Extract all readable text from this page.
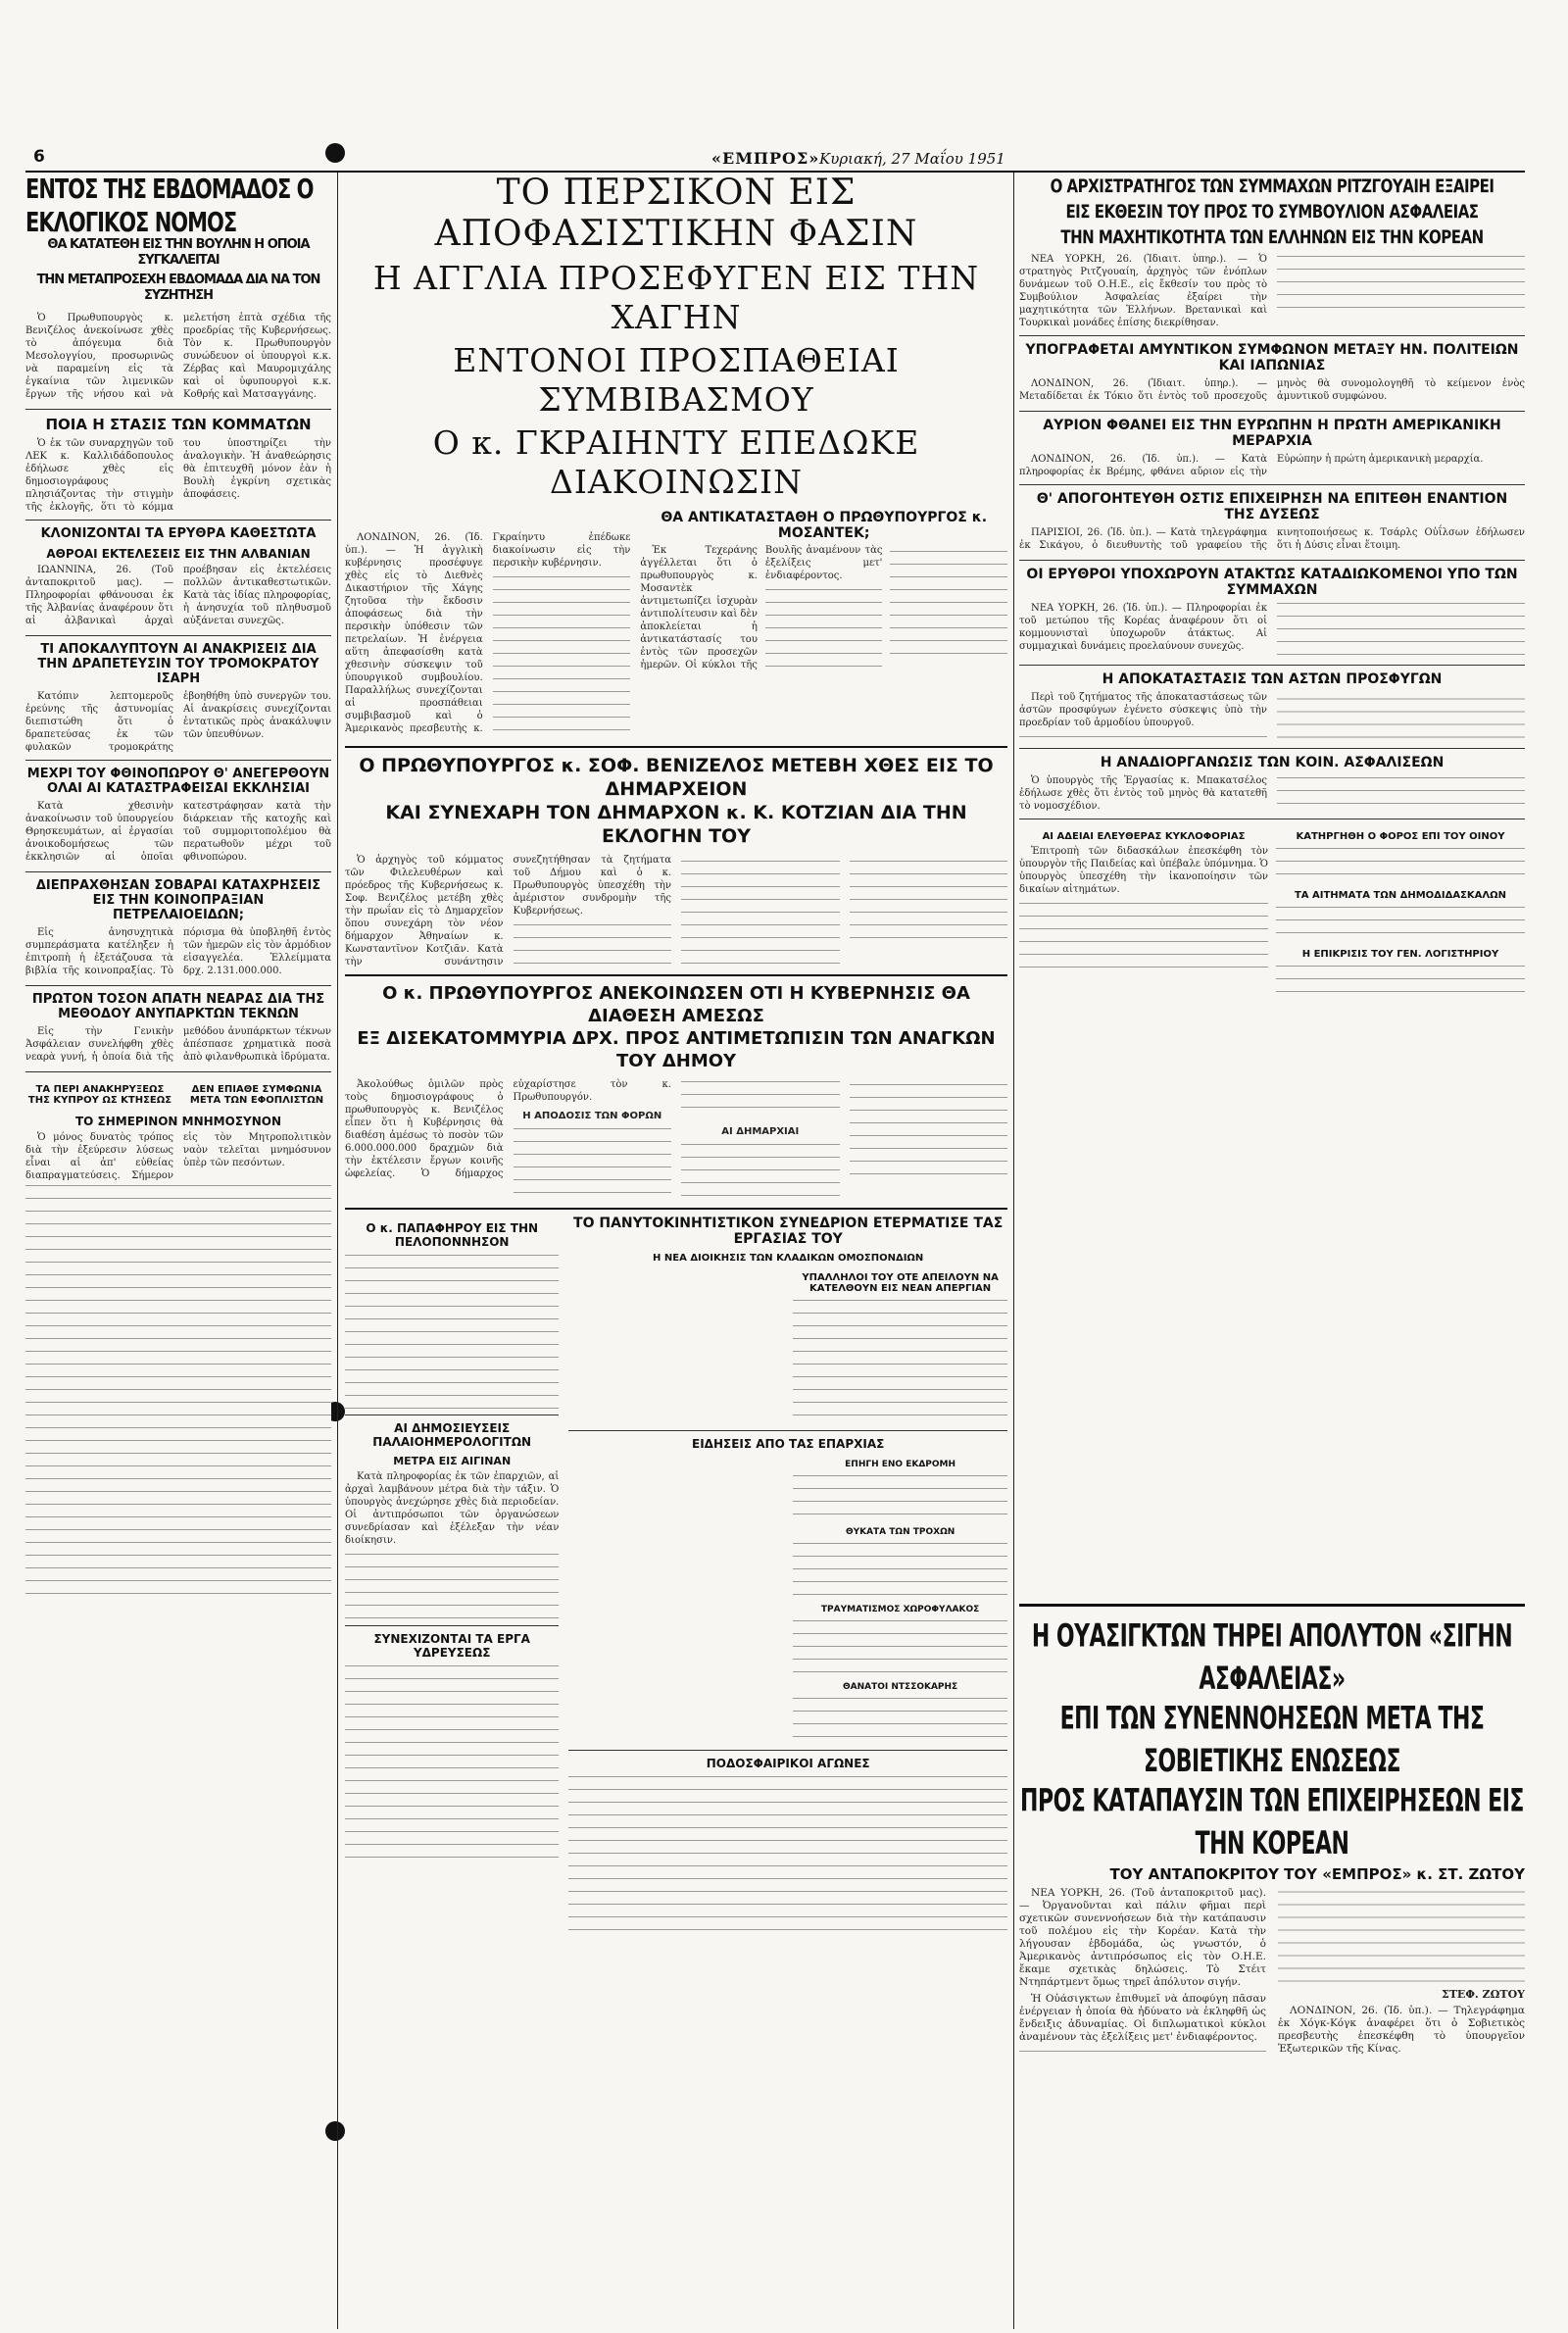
6	«ΕΜΠΡΟΣ» Κυριακή, 27 Μαΐου 1951
ΕΝΤΟΣ ΤΗΣ ΕΒΔΟΜΑΔΟΣ Ο ΕΚΛΟΓΙΚΟΣ ΝΟΜΟΣ
ΘΑ ΚΑΤΑΤΕΘΗ ΕΙΣ ΤΗΝ ΒΟΥΛΗΝ Η ΟΠΟΙΑ ΣΥΓΚΑΛΕΙΤΑΙ
ΤΗΝ ΜΕΤΑΠΡΟΣΕΧΗ ΕΒΔΟΜΑΔΑ ΔΙΑ ΝΑ ΤΟΝ ΣΥΖΗΤΗΣΗ

Ὁ Πρωθυπουργὸς κ. Βενιζέλος ἀνεκοίνωσε χθὲς τὸ ἀπόγευμα διὰ Μεσολογγίου, προσωρινῶς νὰ παραμείνη εἰς τὰ ἐγκαίνια τῶν λιμενικῶν ἔργων τῆς νήσου καὶ νὰ μελετήση ἑπτὰ σχέδια τῆς προεδρίας τῆς Κυβερνήσεως. Τὸν κ. Πρωθυπουργὸν συνώδευον οἱ ὑπουργοὶ κ.κ. Ζέρβας καὶ Μαυρομιχάλης καὶ οἱ ὑφυπουργοὶ κ.κ. Κοθρής καὶ Ματσαγγάνης.

ΠΟΙΑ Η ΣΤΑΣΙΣ ΤΩΝ ΚΟΜΜΑΤΩΝ

Ὁ ἐκ τῶν συναρχηγῶν τοῦ ΛΕΚ κ. Καλλιδάδοπουλος ἐδήλωσε χθὲς εἰς δημοσιογράφους πλησιάζοντας τὴν στιγμὴν τῆς ἐκλογῆς, ὅτι τὸ κόμμα του ὑποστηρίζει τὴν ἀναλογικὴν. Ἡ ἀναθεώρησις θὰ ἐπιτευχθῆ μόνον ἐὰν ἡ Βουλὴ ἐγκρίνη σχετικὰς ἀποφάσεις.

ΚΛΟΝΙΖΟΝΤΑΙ ΤΑ ΕΡΥΘΡΑ ΚΑΘΕΣΤΩΤΑ
ΑΘΡΟΑΙ ΕΚΤΕΛΕΣΕΙΣ ΕΙΣ ΤΗΝ ΑΛΒΑΝΙΑΝ

ΙΩΑΝΝΙΝΑ, 26. (Τοῦ ἀνταποκριτοῦ μας). — Πληροφορίαι φθάνουσαι ἐκ τῆς Ἀλβανίας ἀναφέρουν ὅτι αἱ ἀλβανικαὶ ἀρχαὶ προέβησαν εἰς ἐκτελέσεις πολλῶν ἀντικαθεστωτικῶν. Κατὰ τὰς ἰδίας πληροφορίας, ἡ ἀνησυχία τοῦ πληθυσμοῦ αὐξάνεται συνεχῶς.

ΤΙ ΑΠΟΚΑΛΥΠΤΟΥΝ ΑΙ ΑΝΑΚΡΙΣΕΙΣ ΔΙΑ ΤΗΝ ΔΡΑΠΕΤΕΥΣΙΝ ΤΟΥ ΤΡΟΜΟΚΡΑΤΟΥ ΙΣΑΡΗ

Κατόπιν λεπτομεροῦς ἐρεύνης τῆς ἀστυνομίας διεπιστώθη ὅτι ὁ δραπετεύσας ἐκ τῶν φυλακῶν τρομοκράτης ἐβοηθήθη ὑπὸ συνεργῶν του. Αἱ ἀνακρίσεις συνεχίζονται ἐντατικῶς πρὸς ἀνακάλυψιν τῶν ὑπευθύνων.

ΜΕΧΡΙ ΤΟΥ ΦΘΙΝΟΠΩΡΟΥ Θ' ΑΝΕΓΕΡΘΟΥΝ ΟΛΑΙ ΑΙ ΚΑΤΑΣΤΡΑΦΕΙΣΑΙ ΕΚΚΛΗΣΙΑΙ

Κατὰ χθεσινὴν ἀνακοίνωσιν τοῦ ὑπουργείου Θρησκευμάτων, αἱ ἐργασίαι ἀνοικοδομήσεως τῶν ἐκκλησιῶν αἱ ὁποῖαι κατεστράφησαν κατὰ τὴν διάρκειαν τῆς κατοχῆς καὶ τοῦ συμμοριτοπολέμου θὰ περατωθοῦν μέχρι τοῦ φθινοπώρου.

ΔΙΕΠΡΑΧΘΗΣΑΝ ΣΟΒΑΡΑΙ ΚΑΤΑΧΡΗΣΕΙΣ ΕΙΣ ΤΗΝ ΚΟΙΝΟΠΡΑΞΙΑΝ ΠΕΤΡΕΛΑΙΟΕΙΔΩΝ;

Εἰς ἀνησυχητικὰ συμπεράσματα κατέληξεν ἡ ἐπιτροπὴ ἡ ἐξετάζουσα τὰ βιβλία τῆς κοινοπραξίας. Τὸ πόρισμα θὰ ὑποβληθῆ ἐντὸς τῶν ἡμερῶν εἰς τὸν ἁρμόδιον εἰσαγγελέα. Ἐλλείμματα δρχ. 2.131.000.000.

ΠΡΩΤΟΝ ΤΟΣΟΝ ΑΠΑΤΗ ΝΕΑΡΑΣ ΔΙΑ ΤΗΣ ΜΕΘΟΔΟΥ ΑΝΥΠΑΡΚΤΩΝ ΤΕΚΝΩΝ

Εἰς τὴν Γενικὴν Ἀσφάλειαν συνελήφθη χθὲς νεαρὰ γυνή, ἡ ὁποία διὰ τῆς μεθόδου ἀνυπάρκτων τέκνων ἀπέσπασε χρηματικὰ ποσὰ ἀπὸ φιλανθρωπικὰ ἱδρύματα.

ΤΑ ΠΕΡΙ ΑΝΑΚΗΡΥΞΕΩΣ ΤΗΣ ΚΥΠΡΟΥ ΩΣ ΚΤΗΣΕΩΣ
ΔΕΝ ΕΠΙΑΘΕ ΣΥΜΦΩΝΙΑ ΜΕΤΑ ΤΩΝ ΕΦΟΠΛΙΣΤΩΝ
ΤΟ ΣΗΜΕΡΙΝΟΝ ΜΝΗΜΟΣΥΝΟΝ

Ὁ μόνος δυνατὸς τρόπος διὰ τὴν ἐξεύρεσιν λύσεως εἶναι αἱ ἀπ' εὐθείας διαπραγματεύσεις. Σήμερον εἰς τὸν Μητροπολιτικὸν ναὸν τελεῖται μνημόσυνον ὑπὲρ τῶν πεσόντων.

ΤΟ ΠΕΡΣΙΚΟΝ ΕΙΣ ΑΠΟΦΑΣΙΣΤΙΚΗΝ ΦΑΣΙΝ
Η ΑΓΓΛΙΑ ΠΡΟΣΕΦΥΓΕΝ ΕΙΣ ΤΗΝ ΧΑΓΗΝ
ΕΝΤΟΝΟΙ ΠΡΟΣΠΑΘΕΙΑΙ ΣΥΜΒΙΒΑΣΜΟΥ
Ο κ. ΓΚΡΑΙΗΝΤΥ ΕΠΕΔΩΚΕ ΔΙΑΚΟΙΝΩΣΙΝ

ΛΟΝΔΙΝΟΝ, 26. (Ἰδ. ὑπ.). — Ἡ ἀγγλικὴ κυβέρνησις προσέφυγε χθὲς εἰς τὸ Διεθνὲς Δικαστήριον τῆς Χάγης ζητοῦσα τὴν ἔκδοσιν ἀποφάσεως διὰ τὴν περσικὴν ὑπόθεσιν τῶν πετρελαίων. Ἡ ἐνέργεια αὕτη ἀπεφασίσθη κατὰ χθεσινὴν σύσκεψιν τοῦ ὑπουργικοῦ συμβουλίου. Παραλλήλως συνεχίζονται αἱ προσπάθειαι συμβιβασμοῦ καὶ ὁ Ἀμερικανὸς πρεσβευτὴς κ. Γκραίηντυ ἐπέδωκε διακοίνωσιν εἰς τὴν περσικὴν κυβέρνησιν.

ΘΑ ΑΝΤΙΚΑΤΑΣΤΑΘΗ Ο ΠΡΩΘΥΠΟΥΡΓΟΣ κ. ΜΟΣΑΝΤΕΚ;

Ἐκ Τεχεράνης ἀγγέλλεται ὅτι ὁ πρωθυπουργὸς κ. Μοσαντὲκ ἀντιμετωπίζει ἰσχυρὰν ἀντιπολίτευσιν καὶ δὲν ἀποκλείεται ἡ ἀντικατάστασίς του ἐντὸς τῶν προσεχῶν ἡμερῶν. Οἱ κύκλοι τῆς Βουλῆς ἀναμένουν τὰς ἐξελίξεις μετ' ἐνδιαφέροντος.

Ο ΠΡΩΘΥΠΟΥΡΓΟΣ κ. ΣΟΦ. ΒΕΝΙΖΕΛΟΣ ΜΕΤΕΒΗ ΧΘΕΣ ΕΙΣ ΤΟ ΔΗΜΑΡΧΕΙΟΝ
ΚΑΙ ΣΥΝΕΧΑΡΗ ΤΟΝ ΔΗΜΑΡΧΟΝ κ. Κ. ΚΟΤΖΙΑΝ ΔΙΑ ΤΗΝ ΕΚΛΟΓΗΝ ΤΟΥ

Ὁ ἀρχηγὸς τοῦ κόμματος τῶν Φιλελευθέρων καὶ πρόεδρος τῆς Κυβερνήσεως κ. Σοφ. Βενιζέλος μετέβη χθὲς τὴν πρωΐαν εἰς τὸ Δημαρχεῖον ὅπου συνεχάρη τὸν νέον δήμαρχον Ἀθηναίων κ. Κωνσταντῖνον Κοτζιᾶν. Κατὰ τὴν συνάντησιν συνεζητήθησαν τὰ ζητήματα τοῦ Δήμου καὶ ὁ κ. Πρωθυπουργὸς ὑπεσχέθη τὴν ἀμέριστον συνδρομὴν τῆς Κυβερνήσεως.

Ο κ. ΠΡΩΘΥΠΟΥΡΓΟΣ ΑΝΕΚΟΙΝΩΣΕΝ ΟΤΙ Η ΚΥΒΕΡΝΗΣΙΣ ΘΑ ΔΙΑΘΕΣΗ ΑΜΕΣΩΣ
ΕΞ ΔΙΣΕΚΑΤΟΜΜΥΡΙΑ ΔΡΧ. ΠΡΟΣ ΑΝΤΙΜΕΤΩΠΙΣΙΝ ΤΩΝ ΑΝΑΓΚΩΝ ΤΟΥ ΔΗΜΟΥ

Ἀκολούθως ὁμιλῶν πρὸς τοὺς δημοσιογράφους ὁ πρωθυπουργὸς κ. Βενιζέλος εἶπεν ὅτι ἡ Κυβέρνησις θὰ διαθέση ἀμέσως τὸ ποσὸν τῶν 6.000.000.000 δραχμῶν διὰ τὴν ἐκτέλεσιν ἔργων κοινῆς ὠφελείας. Ὁ δήμαρχος εὐχαρίστησε τὸν κ. Πρωθυπουργόν.

Η ΑΠΟΔΟΣΙΣ ΤΩΝ ΦΟΡΩΝ
ΑΙ ΔΗΜΑΡΧΙΑΙ
Ο κ. ΠΑΠΑΦΗΡΟΥ ΕΙΣ ΤΗΝ ΠΕΛΟΠΟΝΝΗΣΟΝ
ΑΙ ΔΗΜΟΣΙΕΥΣΕΙΣ ΠΑΛΑΙΟΗΜΕΡΟΛΟΓΙΤΩΝ
ΜΕΤΡΑ ΕΙΣ ΑΙΓΙΝΑΝ

Κατὰ πληροφορίας ἐκ τῶν ἐπαρχιῶν, αἱ ἀρχαὶ λαμβάνουν μέτρα διὰ τὴν τάξιν. Ὁ ὑπουργὸς ἀνεχώρησε χθὲς διὰ περιοδείαν. Οἱ ἀντιπρόσωποι τῶν ὀργανώσεων συνεδρίασαν καὶ ἐξέλεξαν τὴν νέαν διοίκησιν.

ΣΥΝΕΧΙΖΟΝΤΑΙ ΤΑ ΕΡΓΑ ΥΔΡΕΥΣΕΩΣ
ΤΟ ΠΑΝΥΤΟΚΙΝΗΤΙΣΤΙΚΟΝ ΣΥΝΕΔΡΙΟΝ ΕΤΕΡΜΑΤΙΣΕ ΤΑΣ ΕΡΓΑΣΙΑΣ ΤΟΥ
Η ΝΕΑ ΔΙΟΙΚΗΣΙΣ ΤΩΝ ΚΛΑΔΙΚΩΝ ΟΜΟΣΠΟΝΔΙΩΝ
ΥΠΑΛΛΗΛΟΙ ΤΟΥ ΟΤΕ ΑΠΕΙΛΟΥΝ ΝΑ ΚΑΤΕΛΘΟΥΝ ΕΙΣ ΝΕΑΝ ΑΠΕΡΓΙΑΝ
ΕΙΔΗΣΕΙΣ ΑΠΟ ΤΑΣ ΕΠΑΡΧΙΑΣ
ΕΠΗΓΗ ΕΝΟ ΕΚΔΡΟΜΗ
ΘΥΚΑΤΑ ΤΩΝ ΤΡΟΧΩΝ
ΤΡΑΥΜΑΤΙΣΜΟΣ ΧΩΡΟΦΥΛΑΚΟΣ
ΘΑΝΑΤΟΙ ΝΤΣΣΟΚΑΡΗΣ
ΠΟΔΟΣΦΑΙΡΙΚΟΙ ΑΓΩΝΕΣ
Ο ΑΡΧΙΣΤΡΑΤΗΓΟΣ ΤΩΝ ΣΥΜΜΑΧΩΝ ΡΙΤΖΓΟΥΑΙΗ ΕΞΑΙΡΕΙ
ΕΙΣ ΕΚΘΕΣΙΝ ΤΟΥ ΠΡΟΣ ΤΟ ΣΥΜΒΟΥΛΙΟΝ ΑΣΦΑΛΕΙΑΣ
ΤΗΝ ΜΑΧΗΤΙΚΟΤΗΤΑ ΤΩΝ ΕΛΛΗΝΩΝ ΕΙΣ ΤΗΝ ΚΟΡΕΑΝ

ΝΕΑ ΥΟΡΚΗ, 26. (Ἰδιαιτ. ὑπηρ.). — Ὁ στρατηγὸς Ριτζγουαίη, ἀρχηγὸς τῶν ἐνόπλων δυνάμεων τοῦ Ο.Η.Ε., εἰς ἔκθεσίν του πρὸς τὸ Συμβούλιον Ἀσφαλείας ἐξαίρει τὴν μαχητικότητα τῶν Ἑλλήνων. Βρετανικαὶ καὶ Τουρκικαὶ μονάδες ἐπίσης διεκρίθησαν.

ΥΠΟΓΡΑΦΕΤΑΙ ΑΜΥΝΤΙΚΟΝ ΣΥΜΦΩΝΟΝ ΜΕΤΑΞΥ ΗΝ. ΠΟΛΙΤΕΙΩΝ ΚΑΙ ΙΑΠΩΝΙΑΣ

ΛΟΝΔΙΝΟΝ, 26. (Ἰδιαιτ. ὑπηρ.). — Μεταδίδεται ἐκ Τόκιο ὅτι ἐντὸς τοῦ προσεχοῦς μηνὸς θὰ συνομολογηθῆ τὸ κείμενον ἑνὸς ἀμυντικοῦ συμφώνου.

ΑΥΡΙΟΝ ΦΘΑΝΕΙ ΕΙΣ ΤΗΝ ΕΥΡΩΠΗΝ Η ΠΡΩΤΗ ΑΜΕΡΙΚΑΝΙΚΗ ΜΕΡΑΡΧΙΑ

ΛΟΝΔΙΝΟΝ, 26. (Ἰδ. ὑπ.). — Κατὰ πληροφορίας ἐκ Βρέμης, φθάνει αὔριον εἰς τὴν Εὐρώπην ἡ πρώτη ἀμερικανικὴ μεραρχία.

Θ' ΑΠΟΓΟΗΤΕΥΘΗ ΟΣΤΙΣ ΕΠΙΧΕΙΡΗΣΗ ΝΑ ΕΠΙΤΕΘΗ ΕΝΑΝΤΙΟΝ ΤΗΣ ΔΥΣΕΩΣ

ΠΑΡΙΣΙΟΙ, 26. (Ἰδ. ὑπ.). — Κατὰ τηλεγράφημα ἐκ Σικάγου, ὁ διευθυντὴς τοῦ γραφείου τῆς κινητοποιήσεως κ. Τσάρλς Οὐΐλσων ἐδήλωσεν ὅτι ἡ Δύσις εἶναι ἕτοιμη.

ΟΙ ΕΡΥΘΡΟΙ ΥΠΟΧΩΡΟΥΝ ΑΤΑΚΤΩΣ ΚΑΤΑΔΙΩΚΟΜΕΝΟΙ ΥΠΟ ΤΩΝ ΣΥΜΜΑΧΩΝ

ΝΕΑ ΥΟΡΚΗ, 26. (Ἰδ. ὑπ.). — Πληροφορίαι ἐκ τοῦ μετώπου τῆς Κορέας ἀναφέρουν ὅτι οἱ κομμουνισταὶ ὑποχωροῦν ἀτάκτως. Αἱ συμμαχικαὶ δυνάμεις προελαύνουν συνεχῶς.

Η ΑΠΟΚΑΤΑΣΤΑΣΙΣ ΤΩΝ ΑΣΤΩΝ ΠΡΟΣΦΥΓΩΝ

Περὶ τοῦ ζητήματος τῆς ἀποκαταστάσεως τῶν ἀστῶν προσφύγων ἐγένετο σύσκεψις ὑπὸ τὴν προεδρίαν τοῦ ἁρμοδίου ὑπουργοῦ.

Η ΑΝΑΔΙΟΡΓΑΝΩΣΙΣ ΤΩΝ ΚΟΙΝ. ΑΣΦΑΛΙΣΕΩΝ

Ὁ ὑπουργὸς τῆς Ἐργασίας κ. Μπακατσέλος ἐδήλωσε χθὲς ὅτι ἐντὸς τοῦ μηνὸς θὰ κατατεθῆ τὸ νομοσχέδιον.

ΑΙ ΑΔΕΙΑΙ ΕΛΕΥΘΕΡΑΣ ΚΥΚΛΟΦΟΡΙΑΣ

Ἐπιτροπὴ τῶν διδασκάλων ἐπεσκέφθη τὸν ὑπουργὸν τῆς Παιδείας καὶ ὑπέβαλε ὑπόμνημα. Ὁ ὑπουργὸς ὑπεσχέθη τὴν ἱκανοποίησιν τῶν δικαίων αἰτημάτων.

ΚΑΤΗΡΓΗΘΗ Ο ΦΟΡΟΣ ΕΠΙ ΤΟΥ ΟΙΝΟΥ
ΤΑ ΑΙΤΗΜΑΤΑ ΤΩΝ ΔΗΜΟΔΙΔΑΣΚΑΛΩΝ
Η ΕΠΙΚΡΙΣΙΣ ΤΟΥ ΓΕΝ. ΛΟΓΙΣΤΗΡΙΟΥ
Η ΟΥΑΣΙΓΚΤΩΝ ΤΗΡΕΙ ΑΠΟΛΥΤΟΝ «ΣΙΓΗΝ ΑΣΦΑΛΕΙΑΣ»
ΕΠΙ ΤΩΝ ΣΥΝΕΝΝΟΗΣΕΩΝ ΜΕΤΑ ΤΗΣ ΣΟΒΙΕΤΙΚΗΣ ΕΝΩΣΕΩΣ
ΠΡΟΣ ΚΑΤΑΠΑΥΣΙΝ ΤΩΝ ΕΠΙΧΕΙΡΗΣΕΩΝ ΕΙΣ ΤΗΝ ΚΟΡΕΑΝ
ΤΟΥ ΑΝΤΑΠΟΚΡΙΤΟΥ ΤΟΥ «ΕΜΠΡΟΣ» κ. ΣΤ. ΖΩΤΟΥ

ΝΕΑ ΥΟΡΚΗ, 26. (Τοῦ ἀνταποκριτοῦ μας). — Ὀργανοῦνται καὶ πάλιν φῆμαι περὶ σχετικῶν συνεννοήσεων διὰ τὴν κατάπαυσιν τοῦ πολέμου εἰς τὴν Κορέαν. Κατὰ τὴν λήγουσαν ἑβδομάδα, ὡς γνωστόν, ὁ Ἀμερικανὸς ἀντιπρόσωπος εἰς τὸν Ο.Η.Ε. ἔκαμε σχετικὰς δηλώσεις. Τὸ Στέιτ Ντηπάρτμεντ ὅμως τηρεῖ ἀπόλυτον σιγήν.

Ἡ Οὐάσιγκτων ἐπιθυμεῖ νὰ ἀποφύγη πᾶσαν ἐνέργειαν ἡ ὁποία θὰ ἠδύνατο νὰ ἐκληφθῆ ὡς ἔνδειξις ἀδυναμίας. Οἱ διπλωματικοὶ κύκλοι ἀναμένουν τὰς ἐξελίξεις μετ' ἐνδιαφέροντος.

ΣΤΕΦ. ΖΩΤΟΥ

ΛΟΝΔΙΝΟΝ, 26. (Ἰδ. ὑπ.). — Τηλεγράφημα ἐκ Χόγκ-Κόγκ ἀναφέρει ὅτι ὁ Σοβιετικὸς πρεσβευτὴς ἐπεσκέφθη τὸ ὑπουργεῖον Ἐξωτερικῶν τῆς Κίνας.
